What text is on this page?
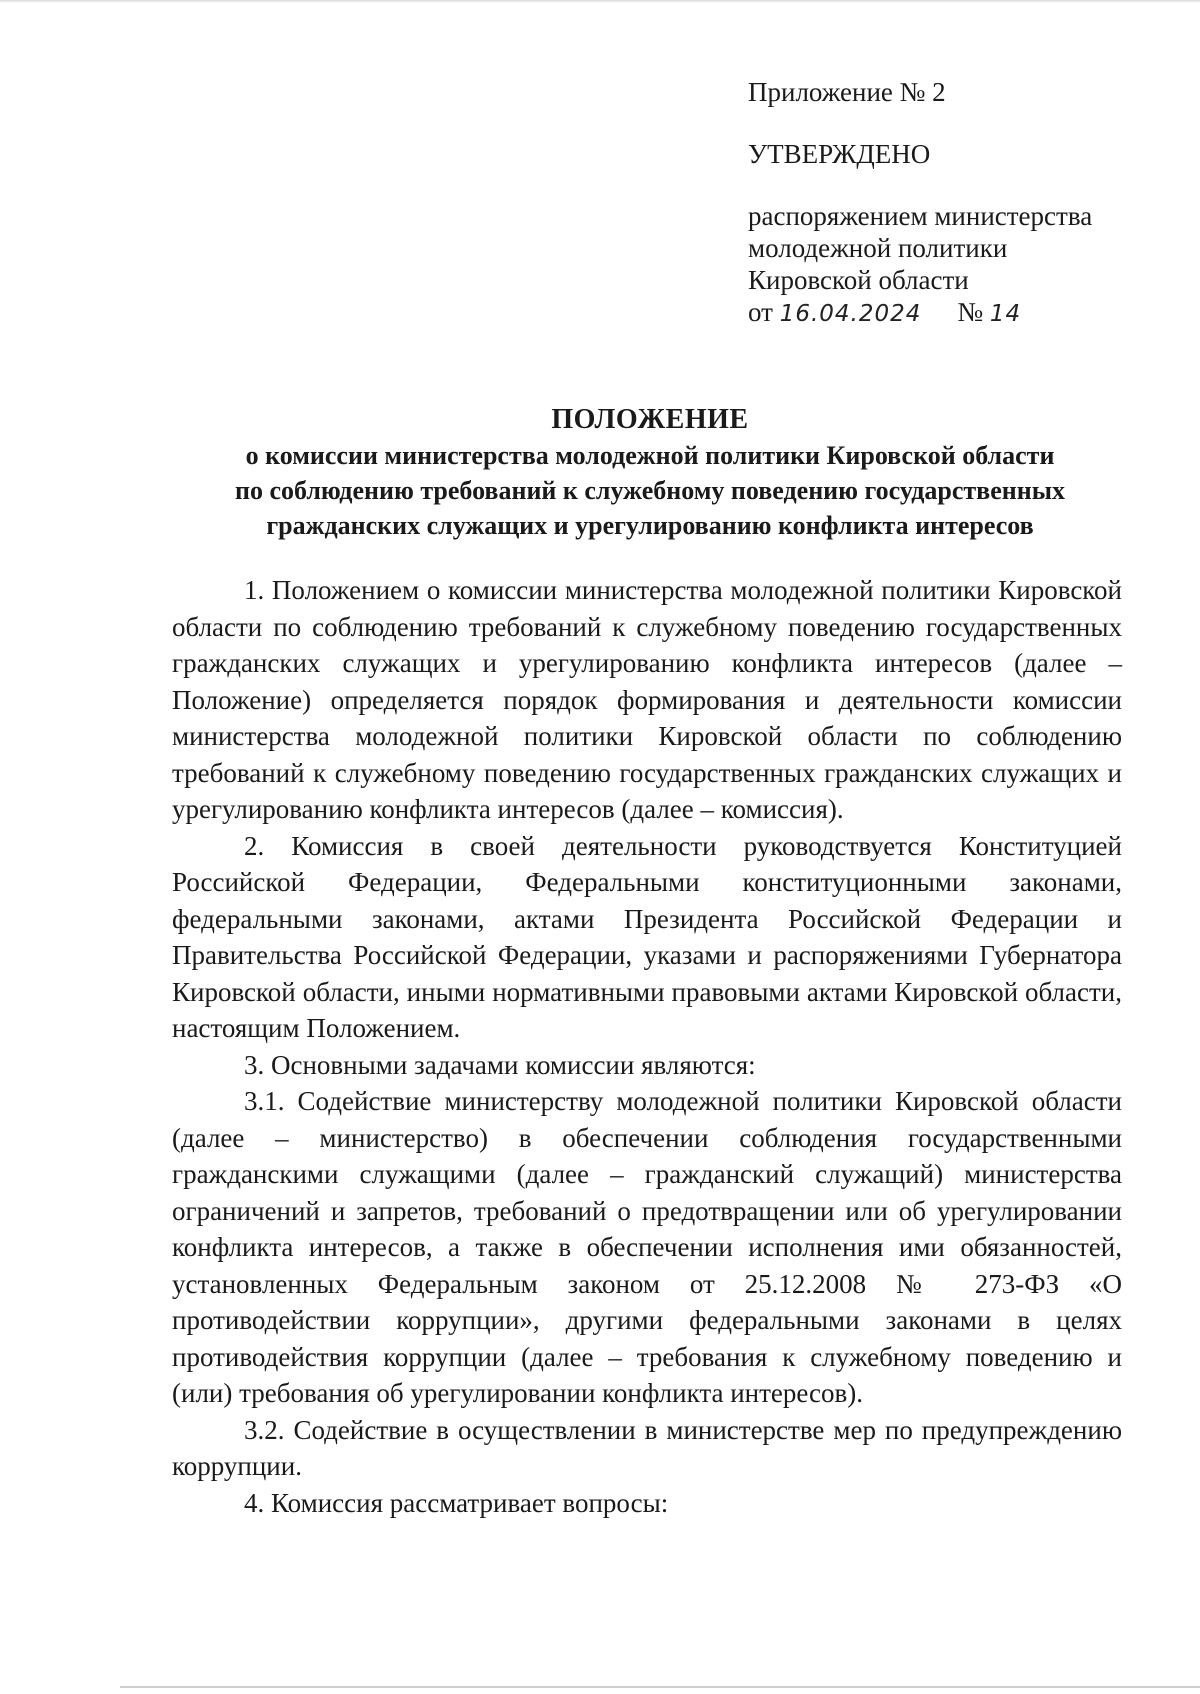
Приложение № 2
УТВЕРЖДЕНО
распоряжением министерства
молодежной политики
Кировской области
от 16.04.2024 № 14
ПОЛОЖЕНИЕ
о комиссии министерства молодежной политики Кировской области
по соблюдению требований к служебному поведению государственных
гражданских служащих и урегулированию конфликта интересов

1. Положением о комиссии министерства молодежной политики Кировской области по соблюдению требований к служебному поведению государственных гражданских служащих и урегулированию конфликта интересов (далее – Положение) определяется порядок формирования и деятельности комиссии министерства молодежной политики Кировской области по соблюдению требований к служебному поведению государственных гражданских служащих и урегулированию конфликта интересов (далее – комиссия).

2. Комиссия в своей деятельности руководствуется Конституцией Российской Федерации, Федеральными конституционными законами, федеральными законами, актами Президента Российской Федерации и Правительства Российской Федерации, указами и распоряжениями Губернатора Кировской области, иными нормативными правовыми актами Кировской области, настоящим Положением.

3. Основными задачами комиссии являются:

3.1. Содействие министерству молодежной политики Кировской области (далее – министерство) в обеспечении соблюдения государственными гражданскими служащими (далее – гражданский служащий) министерства ограничений и запретов, требований о предотвращении или об урегулировании конфликта интересов, а также в обеспечении исполнения ими обязанностей, установленных Федеральным законом от 25.12.2008 № 273-ФЗ «О противодействии коррупции», другими федеральными законами в целях противодействия коррупции (далее – требования к служебному поведению и (или) требования об урегулировании конфликта интересов).

3.2. Содействие в осуществлении в министерстве мер по предупреждению коррупции.

4. Комиссия рассматривает вопросы:
